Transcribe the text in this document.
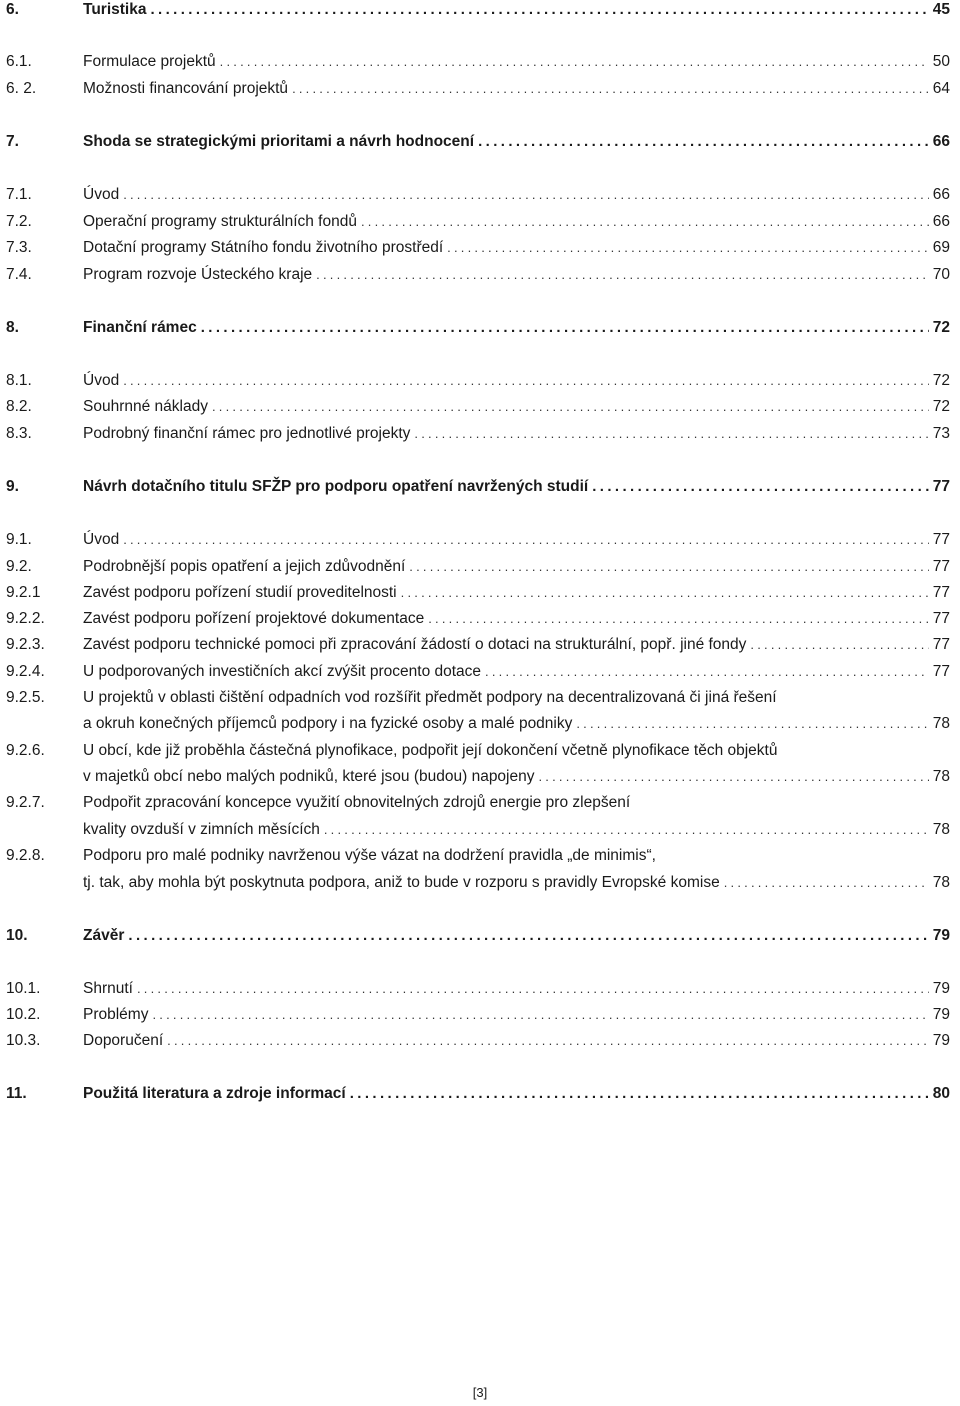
6.	Turistika .....	45
6.1.	Formulace projektů .....	50
6. 2.	Možnosti financování projektů .....	64
7.	Shoda se strategickými prioritami a návrh hodnocení .....	66
7.1.	Úvod .....	66
7.2.	Operační programy strukturálních fondů .....	66
7.3.	Dotační programy Státního fondu životního prostředí .....	69
7.4.	Program rozvoje Ústeckého kraje .....	70
8.	Finanční rámec .....	72
8.1.	Úvod .....	72
8.2.	Souhrnné náklady .....	72
8.3.	Podrobný finanční rámec pro jednotlivé projekty .....	73
9.	Návrh dotačního titulu SFŽP pro podporu opatření navržených studií .....	77
9.1.	Úvod .....	77
9.2.	Podrobnější popis opatření a jejich zdůvodnění .....	77
9.2.1	Zavést podporu pořízení studií proveditelnosti .....	77
9.2.2.	Zavést podporu pořízení projektové dokumentace .....	77
9.2.3.	Zavést podporu technické pomoci při zpracování žádostí o dotaci na strukturální, popř. jiné fondy .....	77
9.2.4.	U podporovaných investičních akcí zvýšit procento dotace .....	77
9.2.5.	U projektů v oblasti čištění odpadních vod rozšířit předmět podpory na decentralizovaná či jiná řešení
a okruh konečných příjemců podpory i na fyzické osoby a malé podniky .....	78
9.2.6.	U obcí, kde již proběhla částečná plynofikace, podpořit její dokončení včetně plynofikace těch objektů
v majetků obcí nebo malých podniků, které jsou (budou) napojeny .....	78
9.2.7.	Podpořit zpracování koncepce využití obnovitelných zdrojů energie pro zlepšení
kvality ovzduší v zimních měsících .....	78
9.2.8.	Podporu pro malé podniky navrženou výše vázat na dodržení pravidla „de minimis“,
tj. tak, aby mohla být poskytnuta podpora, aniž to bude v rozporu s pravidly Evropské komise .....	78
10.	Závěr .....	79
10.1.	Shrnutí .....	79
10.2.	Problémy .....	79
10.3.	Doporučení .....	79
11.	Použitá literatura a zdroje informací .....	80
[3]
